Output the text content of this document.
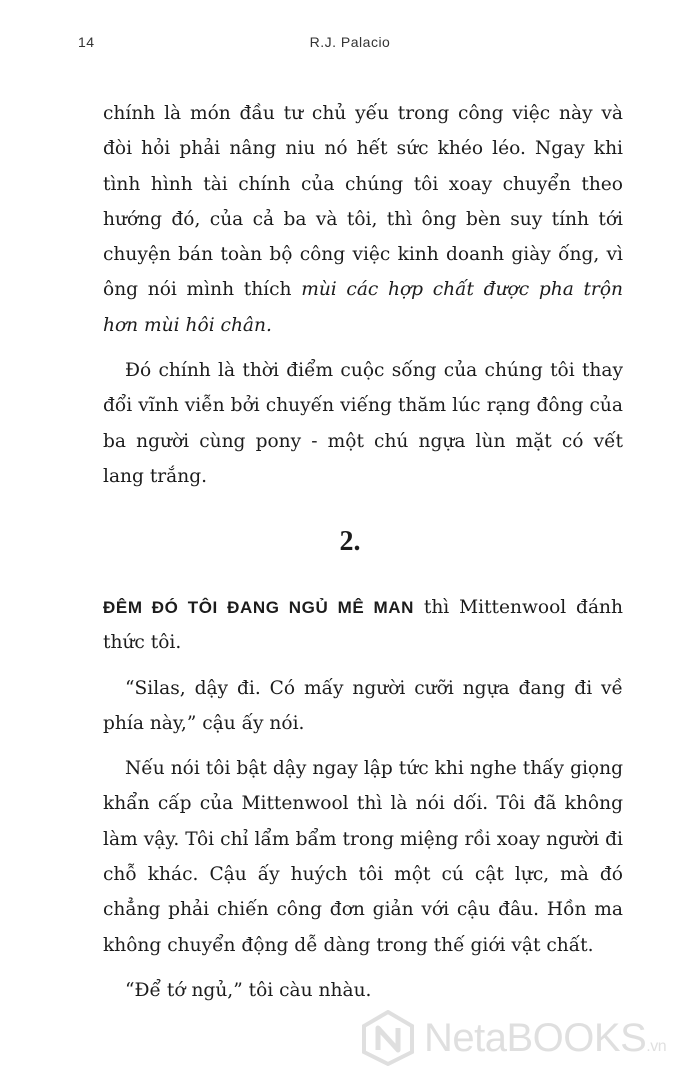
14	R.J. Palacio

chính là món đầu tư chủ yếu trong công việc này và đòi hỏi phải nâng niu nó hết sức khéo léo. Ngay khi tình hình tài chính của chúng tôi xoay chuyển theo hướng đó, của cả ba và tôi, thì ông bèn suy tính tới chuyện bán toàn bộ công việc kinh doanh giày ống, vì ông nói mình thích mùi các hợp chất được pha trộn hơn mùi hôi chân.

Đó chính là thời điểm cuộc sống của chúng tôi thay đổi vĩnh viễn bởi chuyến viếng thăm lúc rạng đông của ba người cùng pony - một chú ngựa lùn mặt có vết lang trắng.

2.

ĐÊM ĐÓ TÔI ĐANG NGỦ MÊ MAN thì Mittenwool đánh thức tôi.

“Silas, dậy đi. Có mấy người cưỡi ngựa đang đi về phía này,” cậu ấy nói.

Nếu nói tôi bật dậy ngay lập tức khi nghe thấy giọng khẩn cấp của Mittenwool thì là nói dối. Tôi đã không làm vậy. Tôi chỉ lẩm bẩm trong miệng rồi xoay người đi chỗ khác. Cậu ấy huých tôi một cú cật lực, mà đó chẳng phải chiến công đơn giản với cậu đâu. Hồn ma không chuyển động dễ dàng trong thế giới vật chất.

“Để tớ ngủ,” tôi càu nhàu.

NetaBOOKS.vn
